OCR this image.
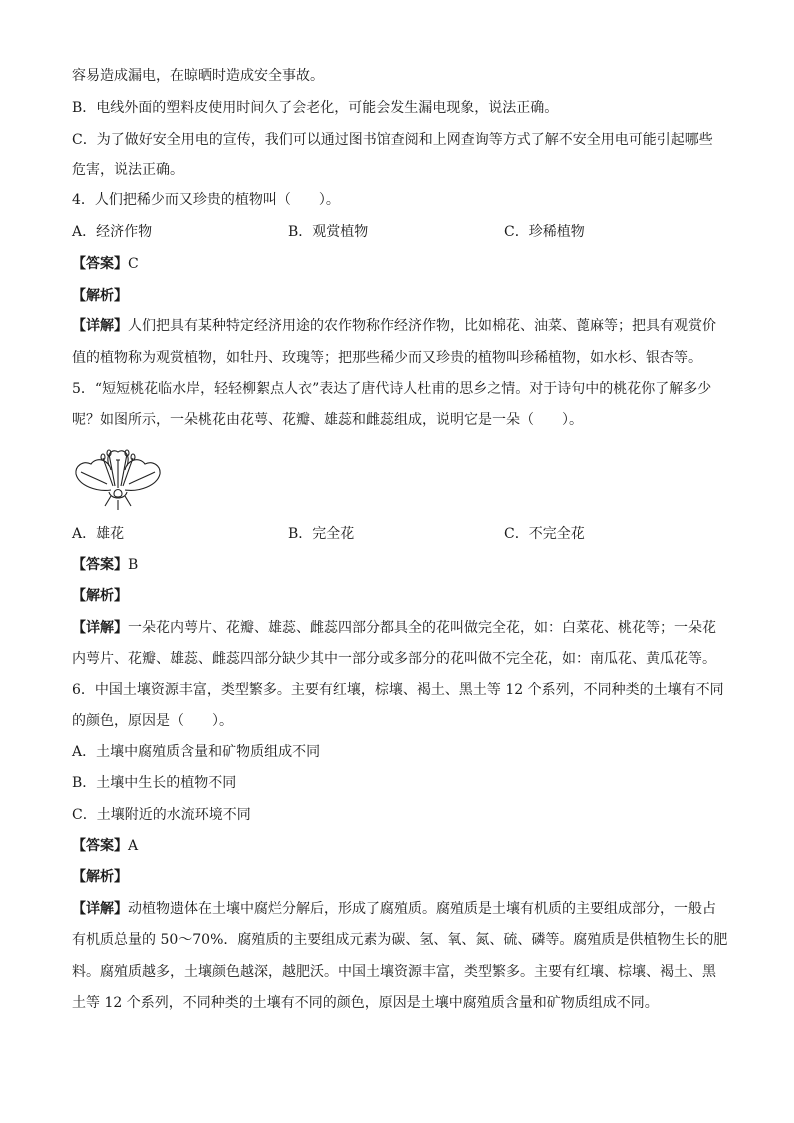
容易造成漏电，在晾晒时造成安全事故。
B．电线外面的塑料皮使用时间久了会老化，可能会发生漏电现象，说法正确。
C．为了做好安全用电的宣传，我们可以通过图书馆查阅和上网查询等方式了解不安全用电可能引起哪些
危害，说法正确。
4．人们把稀少而又珍贵的植物叫（　　）。
A．经济作物	B．观赏植物	C．珍稀植物
【答案】C
【解析】
【详解】人们把具有某种特定经济用途的农作物称作经济作物，比如棉花、油菜、蓖麻等；把具有观赏价
值的植物称为观赏植物，如牡丹、玫瑰等；把那些稀少而又珍贵的植物叫珍稀植物，如水杉、银杏等。
5．“短短桃花临水岸，轻轻柳絮点人衣”表达了唐代诗人杜甫的思乡之情。对于诗句中的桃花你了解多少
呢？如图所示，一朵桃花由花萼、花瓣、雄蕊和雌蕊组成，说明它是一朵（　　）。
A．雄花	B．完全花	C．不完全花
【答案】B
【解析】
【详解】一朵花内萼片、花瓣、雄蕊、雌蕊四部分都具全的花叫做完全花，如：白菜花、桃花等；一朵花
内萼片、花瓣、雄蕊、雌蕊四部分缺少其中一部分或多部分的花叫做不完全花，如：南瓜花、黄瓜花等。
6．中国土壤资源丰富，类型繁多。主要有红壤，棕壤、褐土、黑土等 12 个系列，不同种类的土壤有不同
的颜色，原因是（　　）。
A．土壤中腐殖质含量和矿物质组成不同
B．土壤中生长的植物不同
C．土壤附近的水流环境不同
【答案】A
【解析】
【详解】动植物遗体在土壤中腐烂分解后，形成了腐殖质。腐殖质是土壤有机质的主要组成部分，一般占
有机质总量的 50～70%．腐殖质的主要组成元素为碳、氢、氧、氮、硫、磷等。腐殖质是供植物生长的肥
料。腐殖质越多，土壤颜色越深，越肥沃。中国土壤资源丰富，类型繁多。主要有红壤、棕壤、褐土、黑
土等 12 个系列，不同种类的土壤有不同的颜色，原因是土壤中腐殖质含量和矿物质组成不同。
